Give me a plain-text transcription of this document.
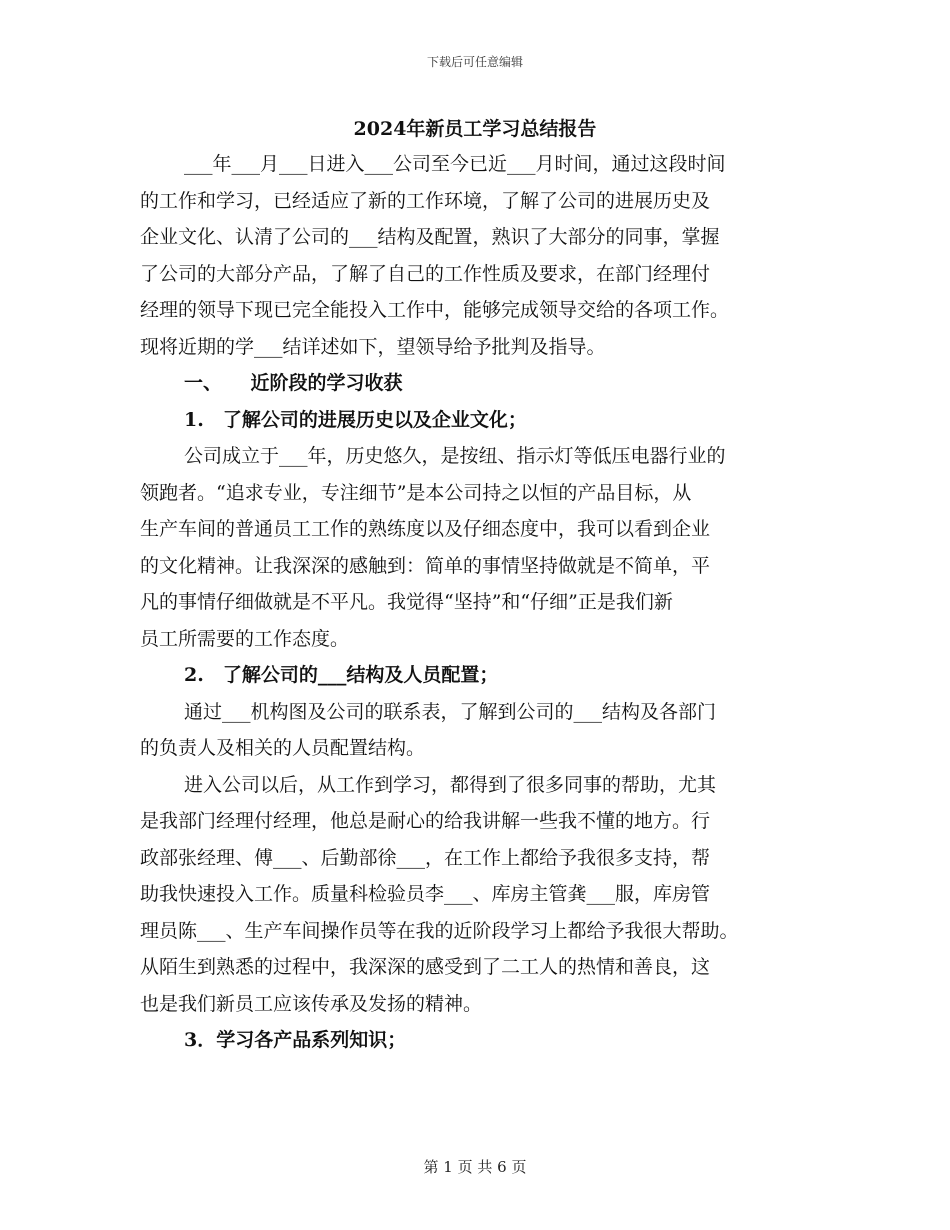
下载后可任意编辑
2024年新员工学习总结报告

___年___月___日进入___公司至今已近___月时间，通过这段时间
的工作和学习，已经适应了新的工作环境，了解了公司的进展历史及
企业文化、认清了公司的___结构及配置，熟识了大部分的同事，掌握
了公司的大部分产品，了解了自己的工作性质及要求，在部门经理付
经理的领导下现已完全能投入工作中，能够完成领导交给的各项工作。
现将近期的学___结详述如下，望领导给予批判及指导。

一、　　近阶段的学习收获
1.　了解公司的进展历史以及企业文化；

公司成立于___年，历史悠久，是按纽、指示灯等低压电器行业的
领跑者。“追求专业，专注细节”是本公司持之以恒的产品目标，从
生产车间的普通员工工作的熟练度以及仔细态度中，我可以看到企业
的文化精神。让我深深的感触到：简单的事情坚持做就是不简单，平
凡的事情仔细做就是不平凡。我觉得“坚持”和“仔细”正是我们新
员工所需要的工作态度。

2.　了解公司的___结构及人员配置；

通过___机构图及公司的联系表，了解到公司的___结构及各部门
的负责人及相关的人员配置结构。

进入公司以后，从工作到学习，都得到了很多同事的帮助，尤其
是我部门经理付经理，他总是耐心的给我讲解一些我不懂的地方。行
政部张经理、傅___、后勤部徐___，在工作上都给予我很多支持，帮
助我快速投入工作。质量科检验员李___、库房主管龚___服，库房管
理员陈___、生产车间操作员等在我的近阶段学习上都给予我很大帮助。
从陌生到熟悉的过程中，我深深的感受到了二工人的热情和善良，这
也是我们新员工应该传承及发扬的精神。

3．学习各产品系列知识；
第 1 页 共 6 页
